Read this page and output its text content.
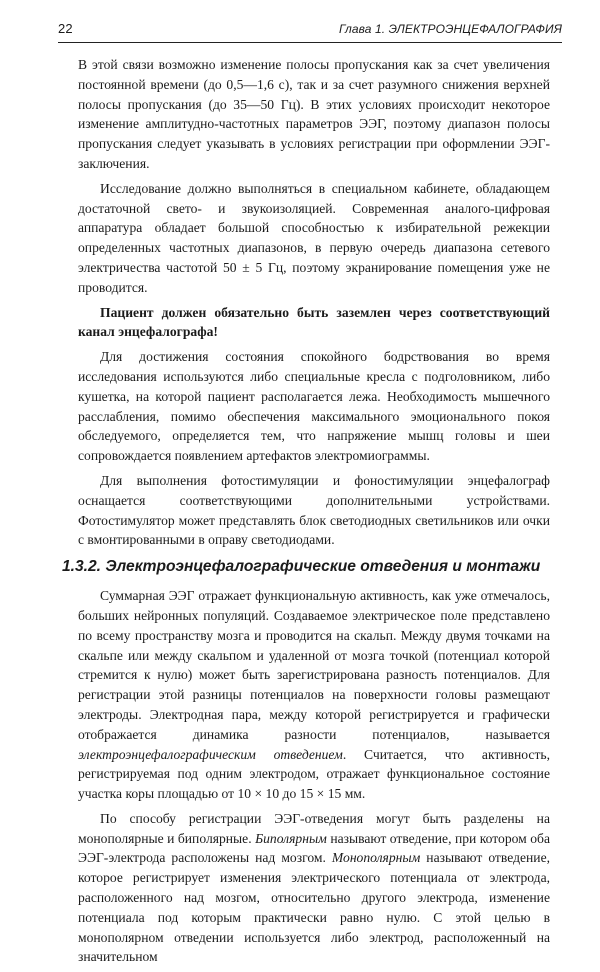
22	Глава 1. ЭЛЕКТРОЭНЦЕФАЛОГРАФИЯ

В этой связи возможно изменение полосы пропускания как за счет увеличения постоянной времени (до 0,5—1,6 с), так и за счет разумного снижения верхней полосы пропускания (до 35—50 Гц). В этих условиях происходит некоторое изменение амплитудно-частотных параметров ЭЭГ, поэтому диапазон полосы пропускания следует указывать в условиях регистрации при оформлении ЭЭГ-заключения.

Исследование должно выполняться в специальном кабинете, обладающем достаточной свето- и звукоизоляцией. Современная аналого-цифровая аппаратура обладает большой способностью к избирательной режекции определенных частотных диапазонов, в первую очередь диапазона сетевого электричества частотой 50 ± 5 Гц, поэтому экранирование помещения уже не проводится.

Пациент должен обязательно быть заземлен через соответствующий канал энцефалографа!

Для достижения состояния спокойного бодрствования во время исследования используются либо специальные кресла с подголовником, либо кушетка, на которой пациент располагается лежа. Необходимость мышечного расслабления, помимо обеспечения максимального эмоционального покоя обследуемого, определяется тем, что напряжение мышц головы и шеи сопровождается появлением артефактов электромиограммы.

Для выполнения фотостимуляции и фоностимуляции энцефалограф оснащается соответствующими дополнительными устройствами. Фотостимулятор может представлять блок светодиодных светильников или очки с вмонтированными в оправу светодиодами.

1.3.2. Электроэнцефалографические отведения и монтажи

Суммарная ЭЭГ отражает функциональную активность, как уже отмечалось, больших нейронных популяций. Создаваемое электрическое поле представлено по всему пространству мозга и проводится на скальп. Между двумя точками на скальпе или между скальпом и удаленной от мозга точкой (потенциал которой стремится к нулю) может быть зарегистрирована разность потенциалов. Для регистрации этой разницы потенциалов на поверхности головы размещают электроды. Электродная пара, между которой регистрируется и графически отображается динамика разности потенциалов, называется электроэнцефалографическим отведением. Считается, что активность, регистрируемая под одним электродом, отражает функциональное состояние участка коры площадью от 10 × 10 до 15 × 15 мм.

По способу регистрации ЭЭГ-отведения могут быть разделены на монополярные и биполярные. Биполярным называют отведение, при котором оба ЭЭГ-электрода расположены над мозгом. Монополярным называют отведение, которое регистрирует изменения электрического потенциала от электрода, расположенного над мозгом, относительно другого электрода, изменение потенциала под которым практически равно нулю. С этой целью в монополярном отведении используется либо электрод, расположенный на значительном
